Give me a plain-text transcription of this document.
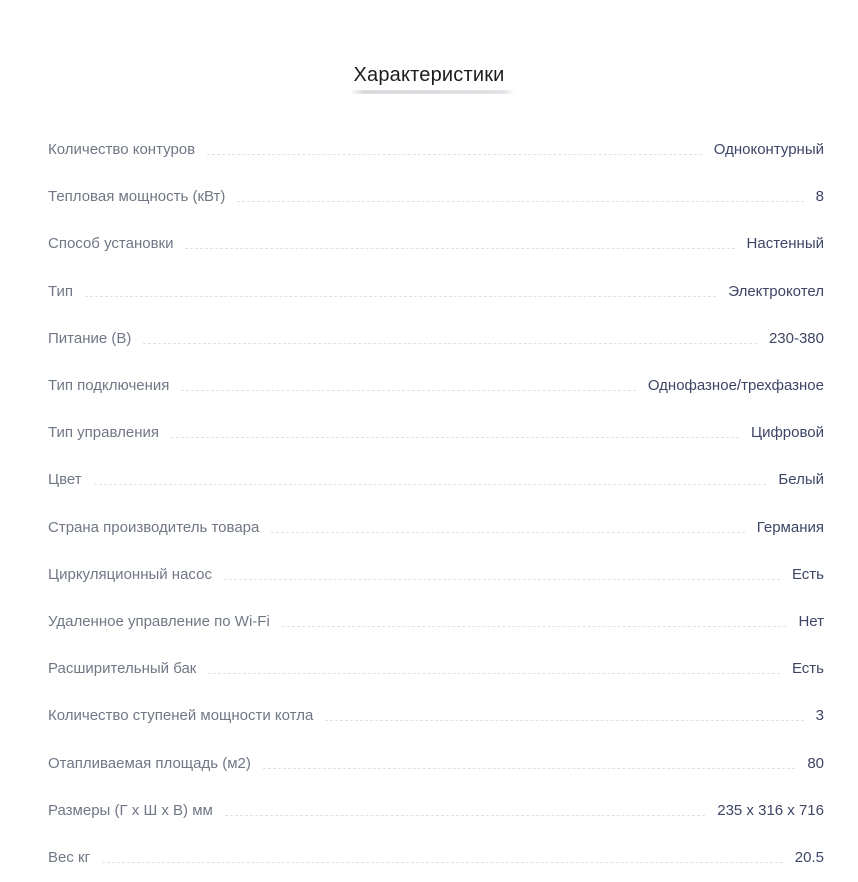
Характеристики
Количество контуров	Одноконтурный
Тепловая мощность (кВт)	8
Способ установки	Настенный
Тип	Электрокотел
Питание (В)	230-380
Тип подключения	Однофазное/трехфазное
Тип управления	Цифровой
Цвет	Белый
Страна производитель товара	Германия
Циркуляционный насос	Есть
Удаленное управление по Wi-Fi	Нет
Расширительный бак	Есть
Количество ступеней мощности котла	3
Отапливаемая площадь (м2)	80
Размеры (Г x Ш x В) мм	235 x 316 x 716
Вес кг	20.5
